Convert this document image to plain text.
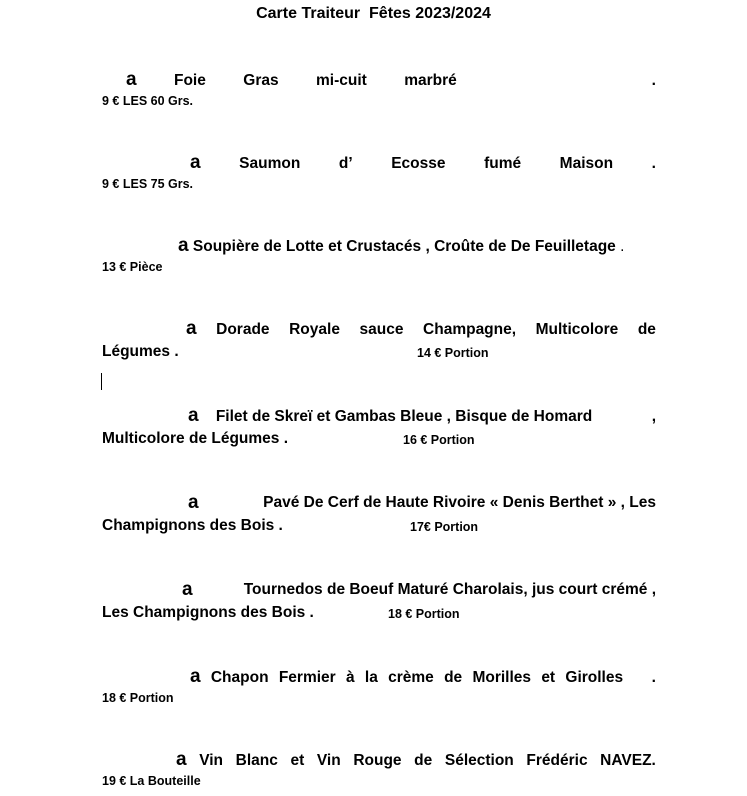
Carte Traiteur  Fêtes 2023/2024
a Foie Gras mi-cuit marbré	.
9 € LES 60 Grs.
a Saumon d’ Ecosse fumé Maison .
9 € LES 75 Grs.
a Soupière de Lotte et Crustacés , Croûte de De Feuilletage .
13 € Pièce
a Dorade Royale sauce Champagne, Multicolore de
Légumes .	14 € Portion
a Filet de Skreï et Gambas Bleue , Bisque de Homard	,
Multicolore de Légumes .	16 € Portion
a	Pavé De Cerf de Haute Rivoire « Denis Berthet » , Les
Champignons des Bois .	17€ Portion
a	Tournedos de Boeuf Maturé Charolais, jus court crémé ,
Les Champignons des Bois .	18 € Portion
a Chapon Fermier à la crème de Morilles et Girolles .
18 € Portion
a Vin Blanc et Vin Rouge de Sélection Frédéric NAVEZ.
19 € La Bouteille
